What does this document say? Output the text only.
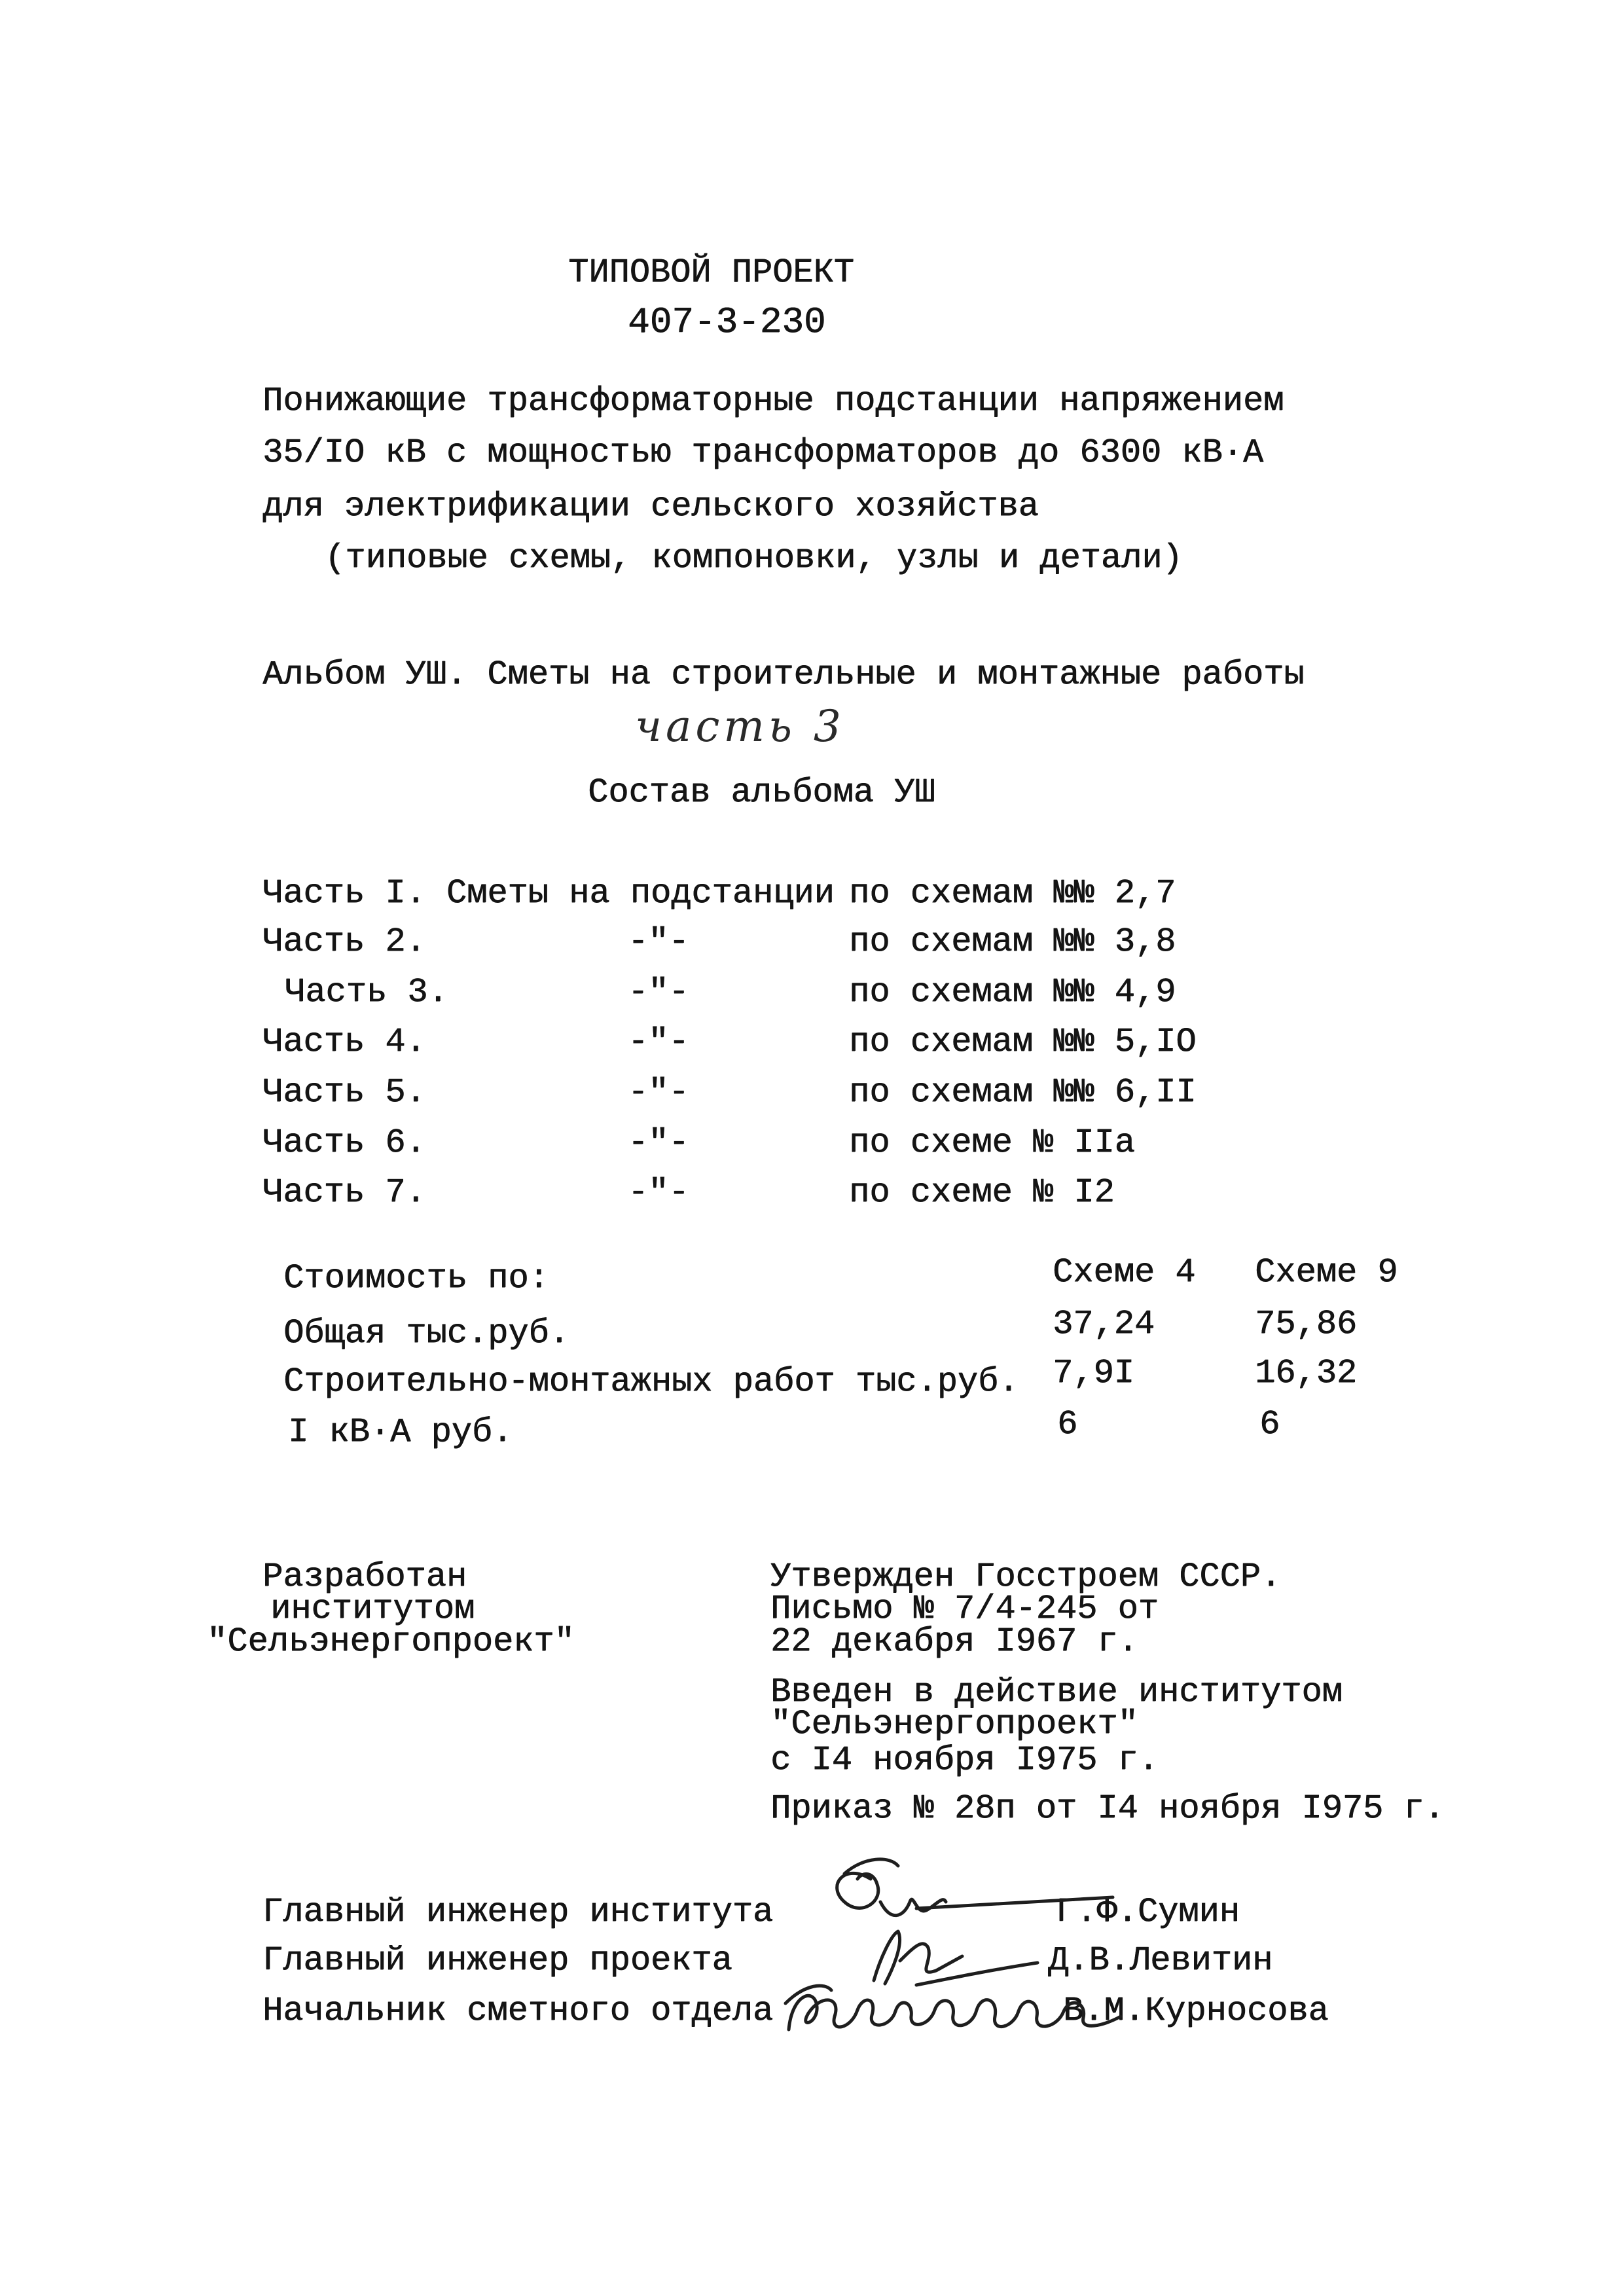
ТИПОВОЙ ПРОЕКТ
407-3-230
Понижающие трансформаторные подстанции напряжением
35/IO кВ с мощностью трансформаторов до 6300 кВ·А
для электрификации сельского хозяйства
(типовые схемы, компоновки, узлы и детали)
Альбом УШ. Сметы на строительные и монтажные работы
часть 3
Состав альбома УШ
Часть I. Сметы на подстанции по схемам №№ 2,7
Часть 2.	-"-	по схемам №№ 3,8
Часть 3.	-"-	по схемам №№ 4,9
Часть 4.	-"-	по схемам №№ 5,IO
Часть 5.	-"-	по схемам №№ 6,II
Часть 6.	-"-	по схеме № IIa
Часть 7.	-"-	по схеме № I2
Стоимость по:	Схеме 4 Схеме 9
Общая тыс.руб.	37,24	75,86
Строительно-монтажных работ тыс.руб. 7,9I	16,32
I кВ·А руб.	6	6
Разработан
институтом
"Сельэнергопроект"
Утвержден Госстроем СССР.
Письмо № 7/4-245 от
22 декабря I967 г.
Введен в действие институтом
"Сельэнергопроект"
с I4 ноября I975 г.
Приказ № 28п от I4 ноября I975 г.
Главный инженер института	Г.Ф.Сумин
Главный инженер проекта	Д.В.Левитин
Начальник сметного отдела	В.М.Курносова
